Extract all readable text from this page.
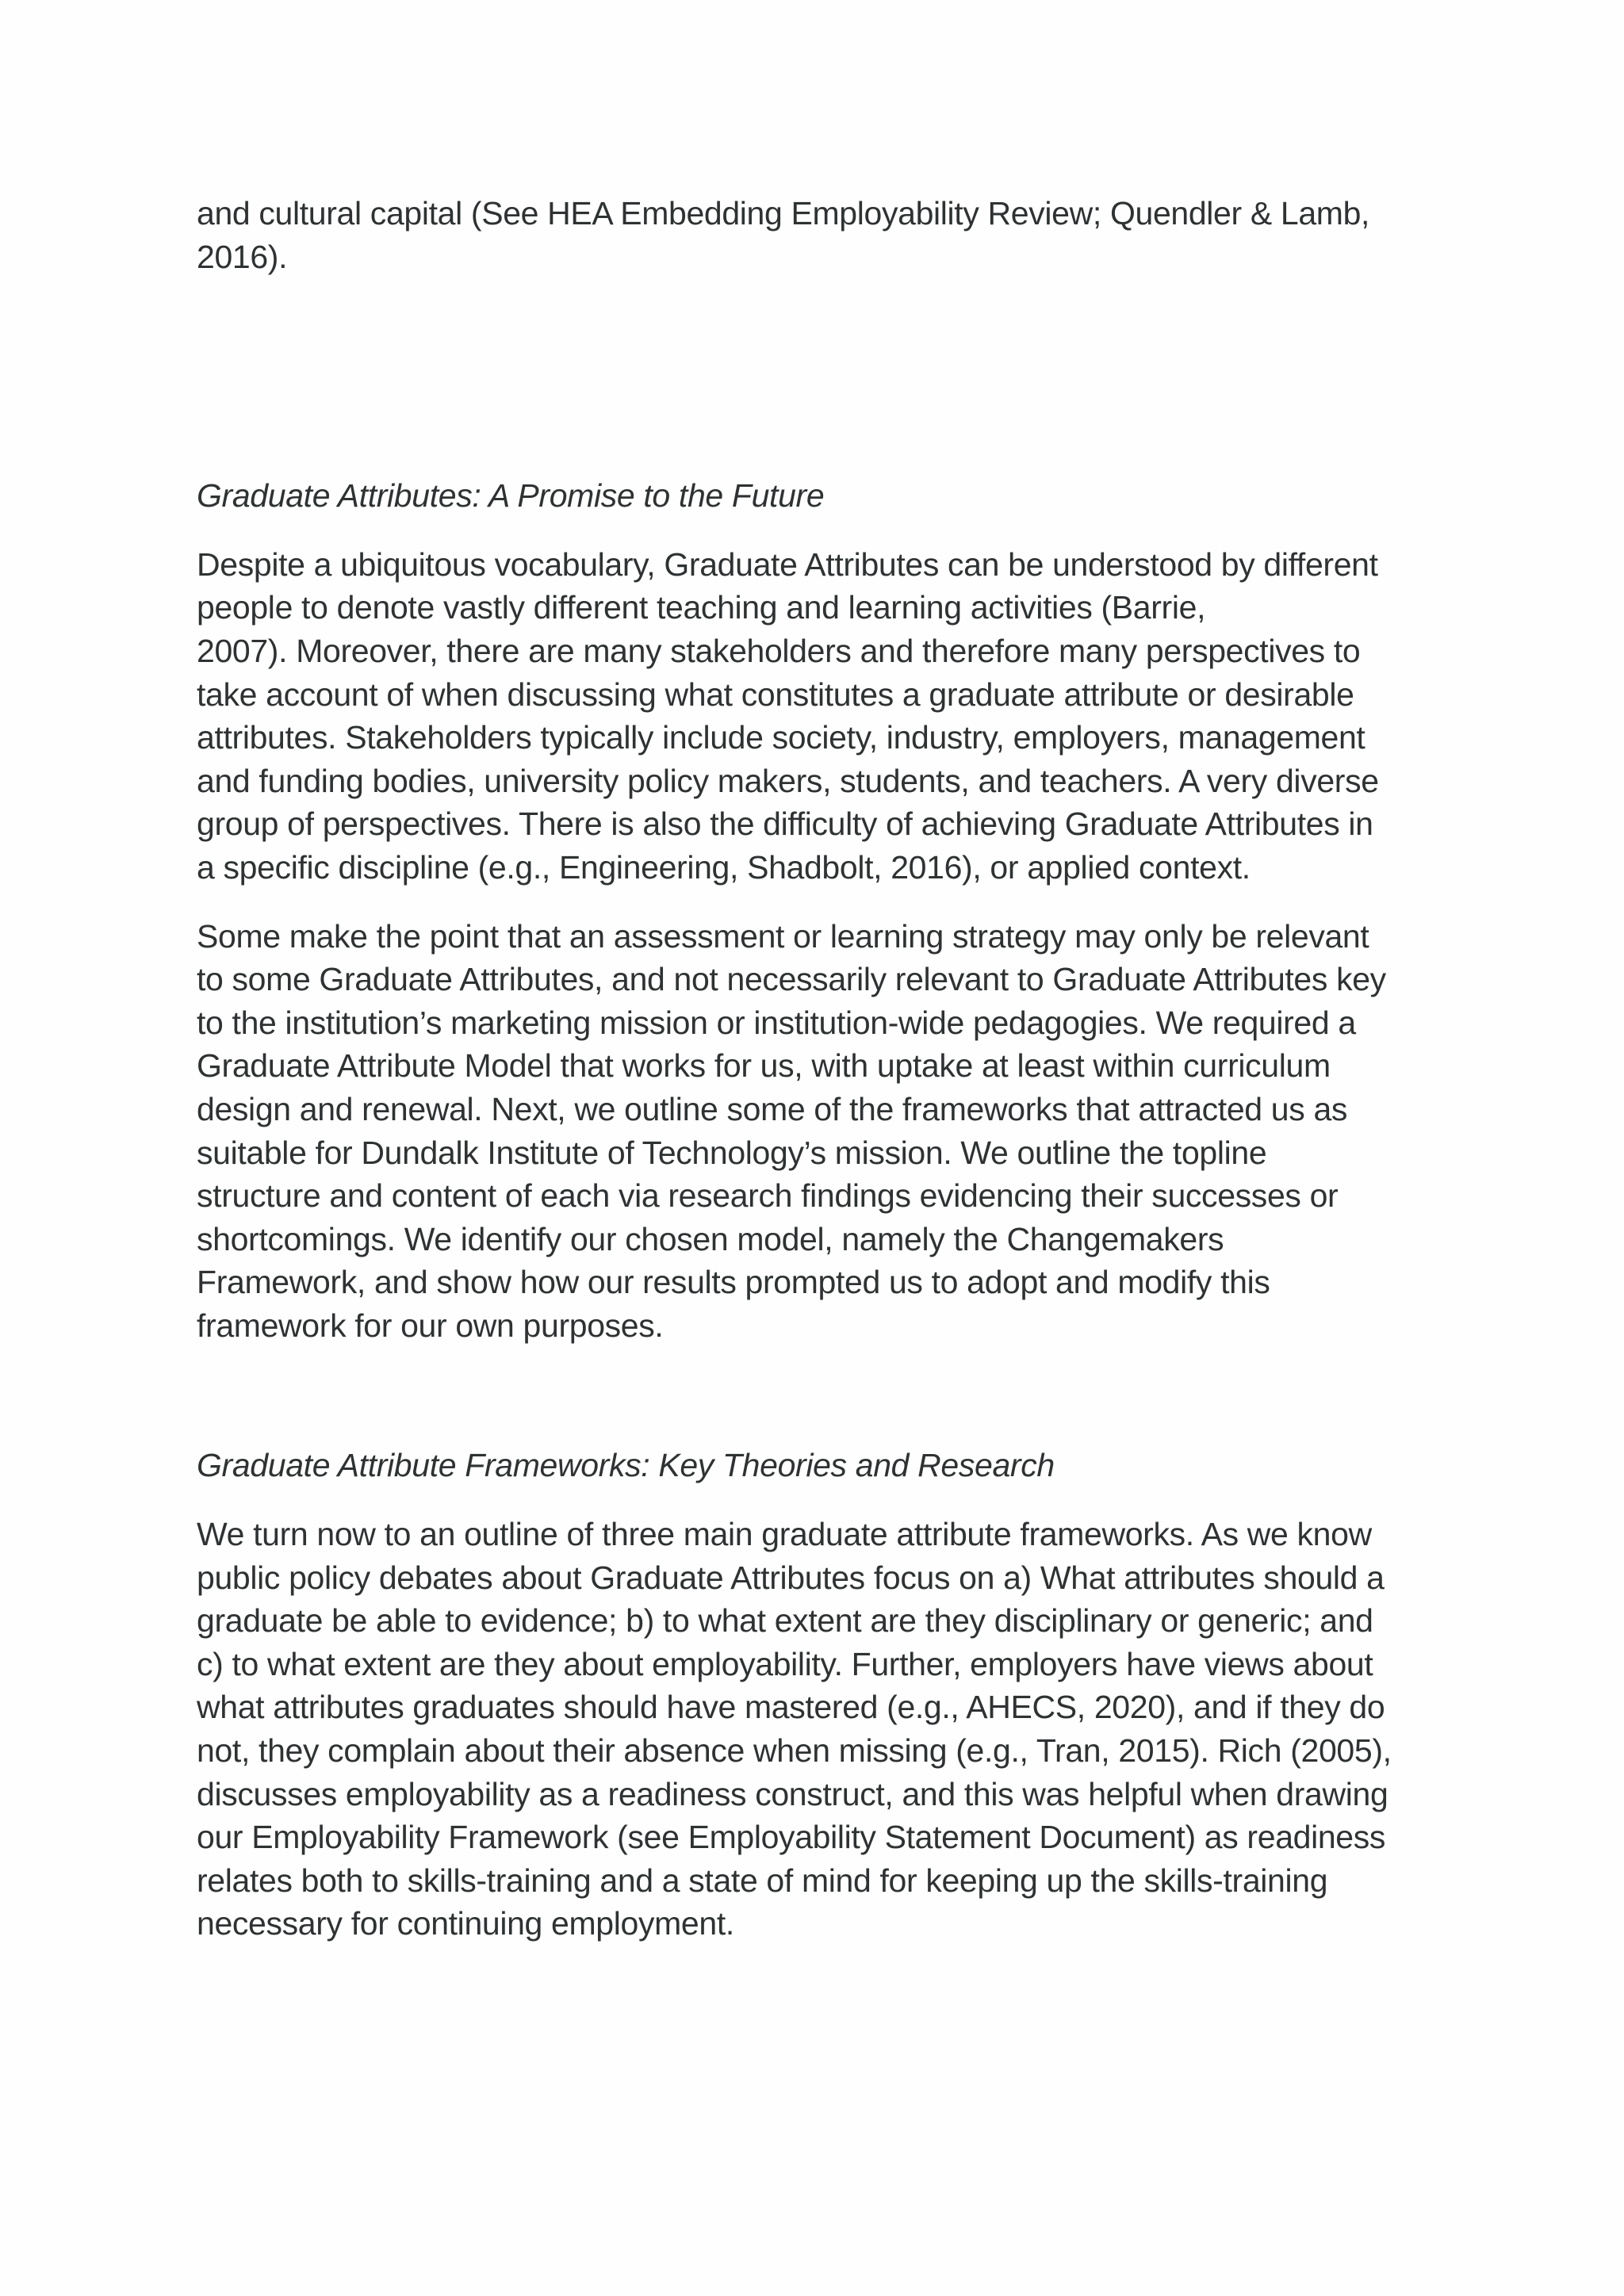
and cultural capital (See HEA Embedding Employability Review; Quendler & Lamb,
2016).

Graduate Attributes: A Promise to the Future

Despite a ubiquitous vocabulary, Graduate Attributes can be understood by different
people to denote vastly different teaching and learning activities (Barrie,
2007). Moreover, there are many stakeholders and therefore many perspectives to
take account of when discussing what constitutes a graduate attribute or desirable
attributes. Stakeholders typically include society, industry, employers, management
and funding bodies, university policy makers, students, and teachers. A very diverse
group of perspectives. There is also the difficulty of achieving Graduate Attributes in
a specific discipline (e.g., Engineering, Shadbolt, 2016), or applied context.

Some make the point that an assessment or learning strategy may only be relevant
to some Graduate Attributes, and not necessarily relevant to Graduate Attributes key
to the institution’s marketing mission or institution-wide pedagogies. We required a
Graduate Attribute Model that works for us, with uptake at least within curriculum
design and renewal. Next, we outline some of the frameworks that attracted us as
suitable for Dundalk Institute of Technology’s mission. We outline the topline
structure and content of each via research findings evidencing their successes or
shortcomings. We identify our chosen model, namely the Changemakers
Framework, and show how our results prompted us to adopt and modify this
framework for our own purposes.

Graduate Attribute Frameworks: Key Theories and Research

We turn now to an outline of three main graduate attribute frameworks. As we know
public policy debates about Graduate Attributes focus on a) What attributes should a
graduate be able to evidence; b) to what extent are they disciplinary or generic; and
c) to what extent are they about employability. Further, employers have views about
what attributes graduates should have mastered (e.g., AHECS, 2020), and if they do
not, they complain about their absence when missing (e.g., Tran, 2015). Rich (2005),
discusses employability as a readiness construct, and this was helpful when drawing
our Employability Framework (see Employability Statement Document) as readiness
relates both to skills-training and a state of mind for keeping up the skills-training
necessary for continuing employment.
